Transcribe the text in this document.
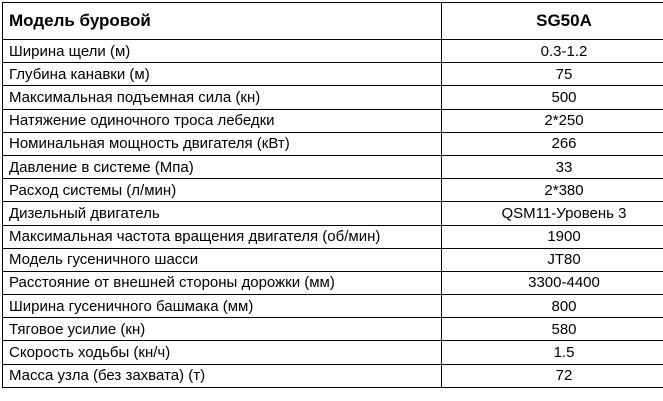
Модель буровой	SG50A
Ширина щели (м)	0.3-1.2
Глубина канавки (м)	75
Максимальная подъемная сила (кн)	500
Натяжение одиночного троса лебедки	2*250
Номинальная мощность двигателя (кВт)	266
Давление в системе (Мпа)	33
Расход системы (л/мин)	2*380
Дизельный двигатель	QSM11-Уровень 3
Максимальная частота вращения двигателя (об/мин)	1900
Модель гусеничного шасси	JT80
Расстояние от внешней стороны дорожки (мм)	3300-4400
Ширина гусеничного башмака (мм)	800
Тяговое усилие (кн)	580
Скорость ходьбы (кн/ч)	1.5
Масса узла (без захвата) (т)	72
